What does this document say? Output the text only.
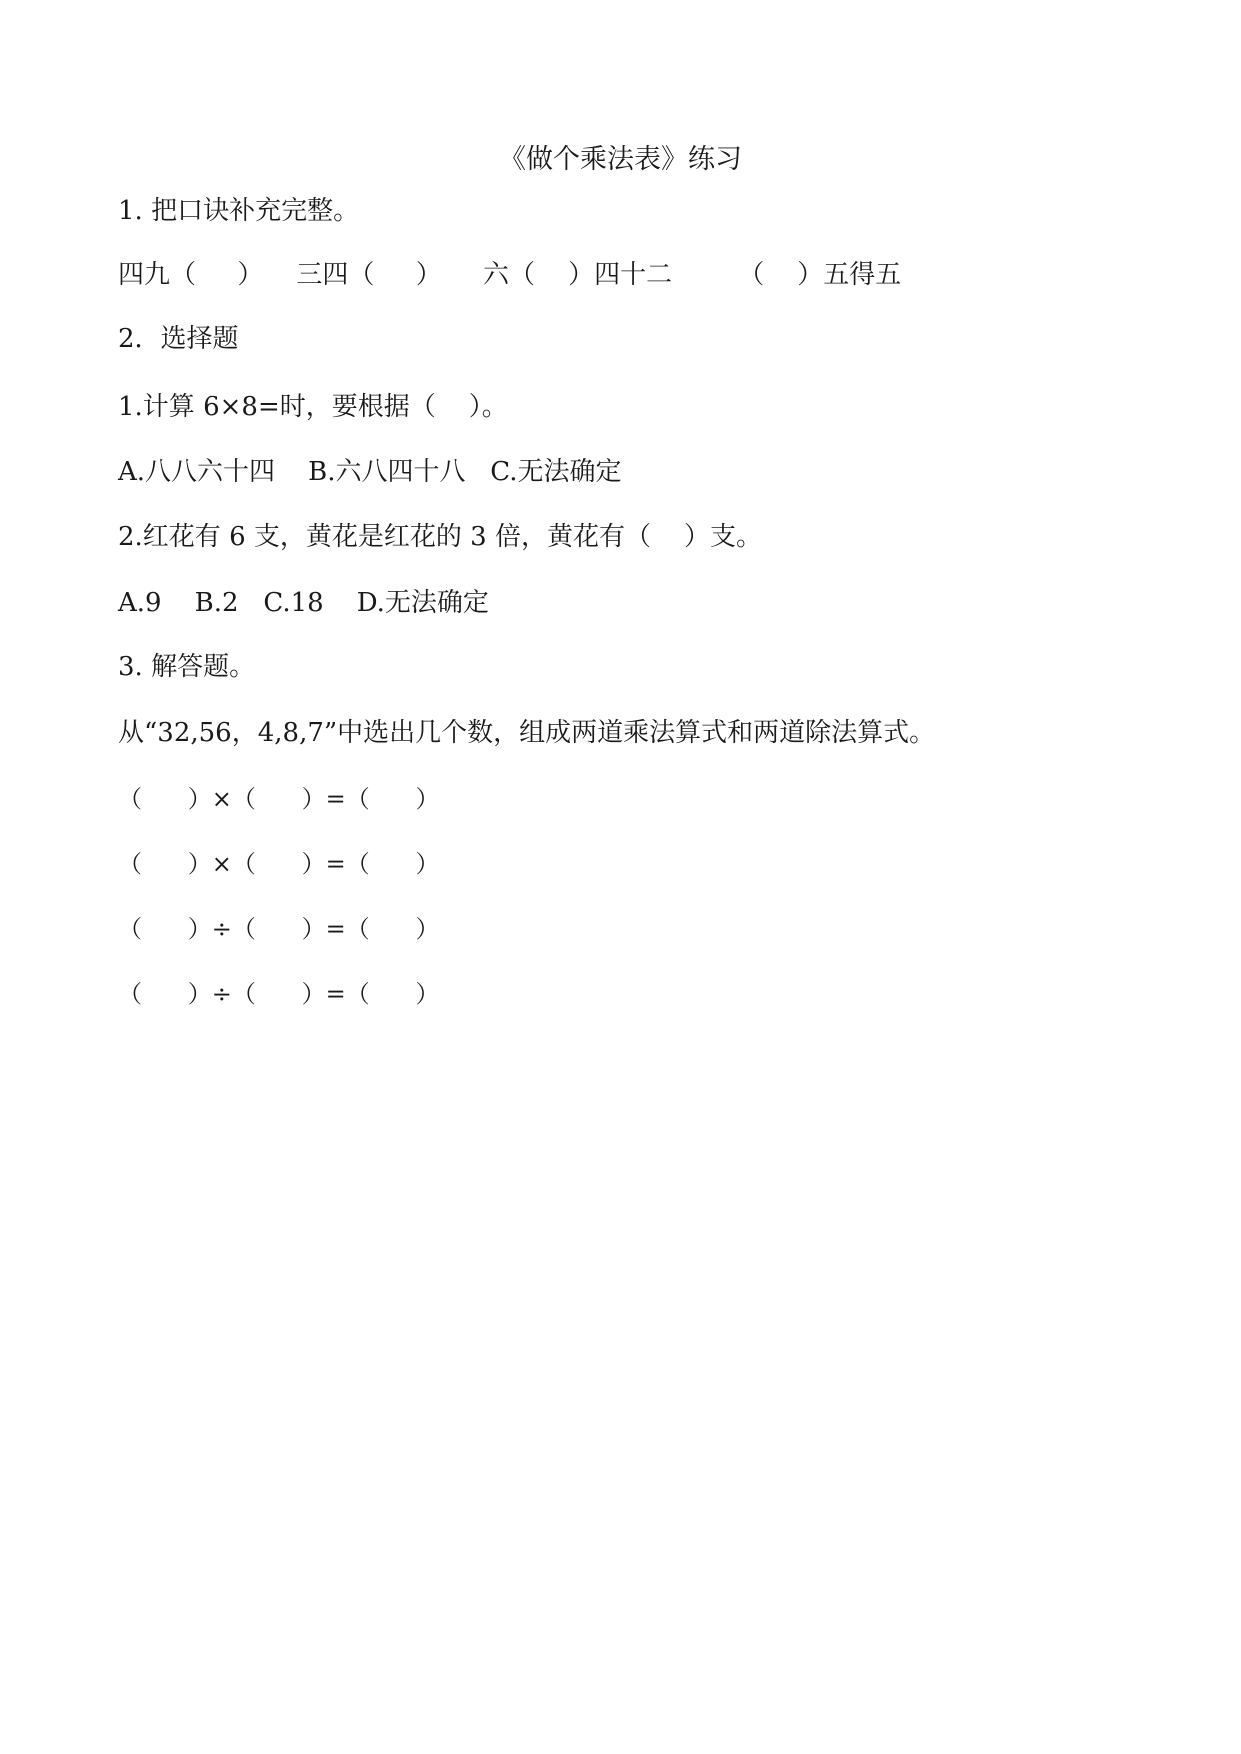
《做个乘法表》练习
1. 把口诀补充完整。
四九（     ）    三四（     ）     六（    ）四十二        （    ）五得五
2．选择题
1.计算 6×8=时，要根据（    ）。
A.八八六十四    B.六八四十八   C.无法确定
2.红花有 6 支，黄花是红花的 3 倍，黄花有（    ）支。
A.9    B.2   C.18    D.无法确定
3. 解答题。
从“32,56，4,8,7”中选出几个数，组成两道乘法算式和两道除法算式。
（      ）×（      ）=（      ）
（      ）×（      ）=（      ）
（      ）÷（      ）=（      ）
（      ）÷（      ）=（      ）
